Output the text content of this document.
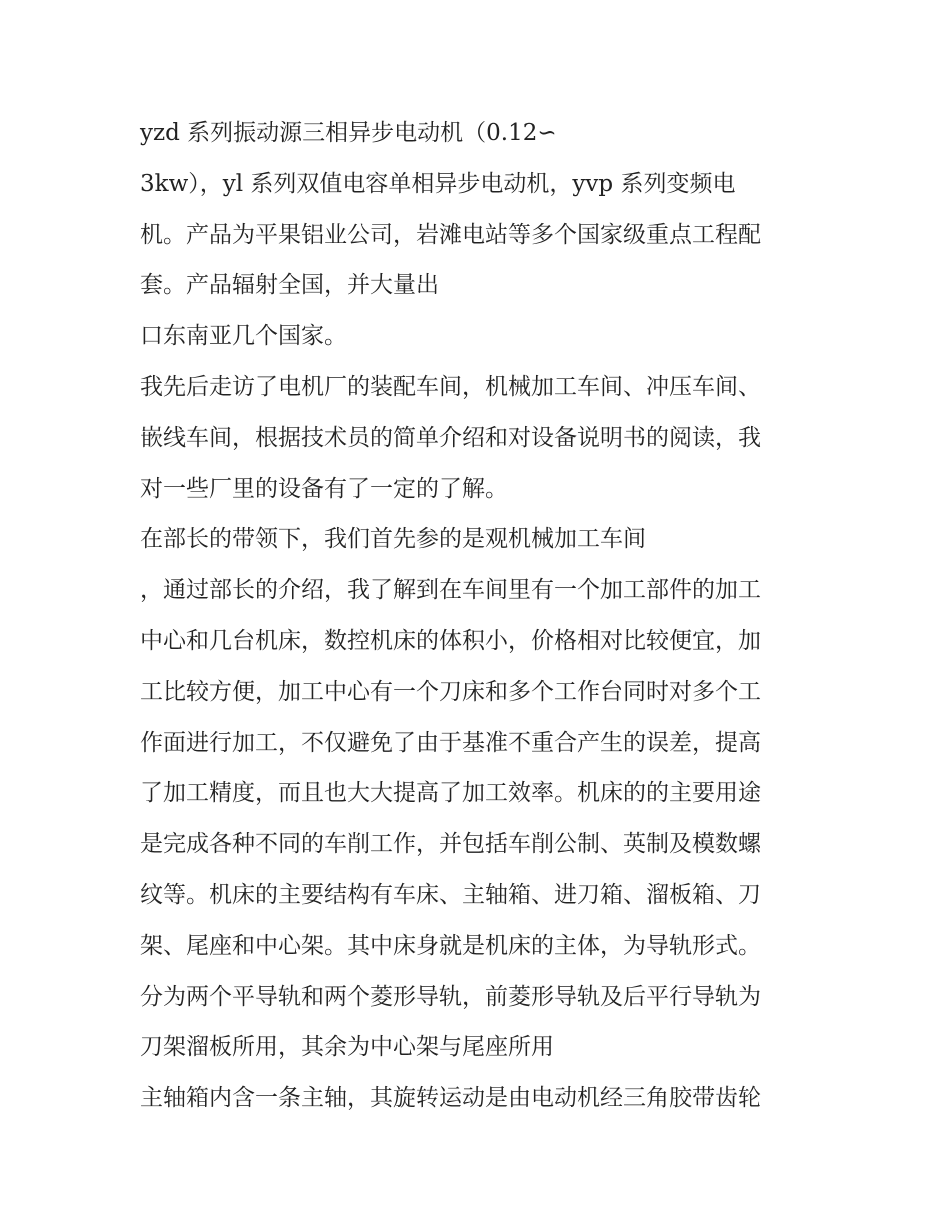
yzd 系列振动源三相异步电动机（0.12∽
3kw），yl 系列双值电容单相异步电动机，yvp 系列变频电
机。产品为平果铝业公司，岩滩电站等多个国家级重点工程配
套。产品辐射全国，并大量出
口东南亚几个国家。
我先后走访了电机厂的装配车间，机械加工车间、冲压车间、
嵌线车间，根据技术员的简单介绍和对设备说明书的阅读，我
对一些厂里的设备有了一定的了解。
在部长的带领下，我们首先参的是观机械加工车间
，通过部长的介绍，我了解到在车间里有一个加工部件的加工
中心和几台机床，数控机床的体积小，价格相对比较便宜，加
工比较方便，加工中心有一个刀床和多个工作台同时对多个工
作面进行加工，不仅避免了由于基准不重合产生的误差，提高
了加工精度，而且也大大提高了加工效率。机床的的主要用途
是完成各种不同的车削工作，并包括车削公制、英制及模数螺
纹等。机床的主要结构有车床、主轴箱、进刀箱、溜板箱、刀
架、尾座和中心架。其中床身就是机床的主体，为导轨形式。
分为两个平导轨和两个菱形导轨，前菱形导轨及后平行导轨为
刀架溜板所用，其余为中心架与尾座所用
主轴箱内含一条主轴，其旋转运动是由电动机经三角胶带齿轮
